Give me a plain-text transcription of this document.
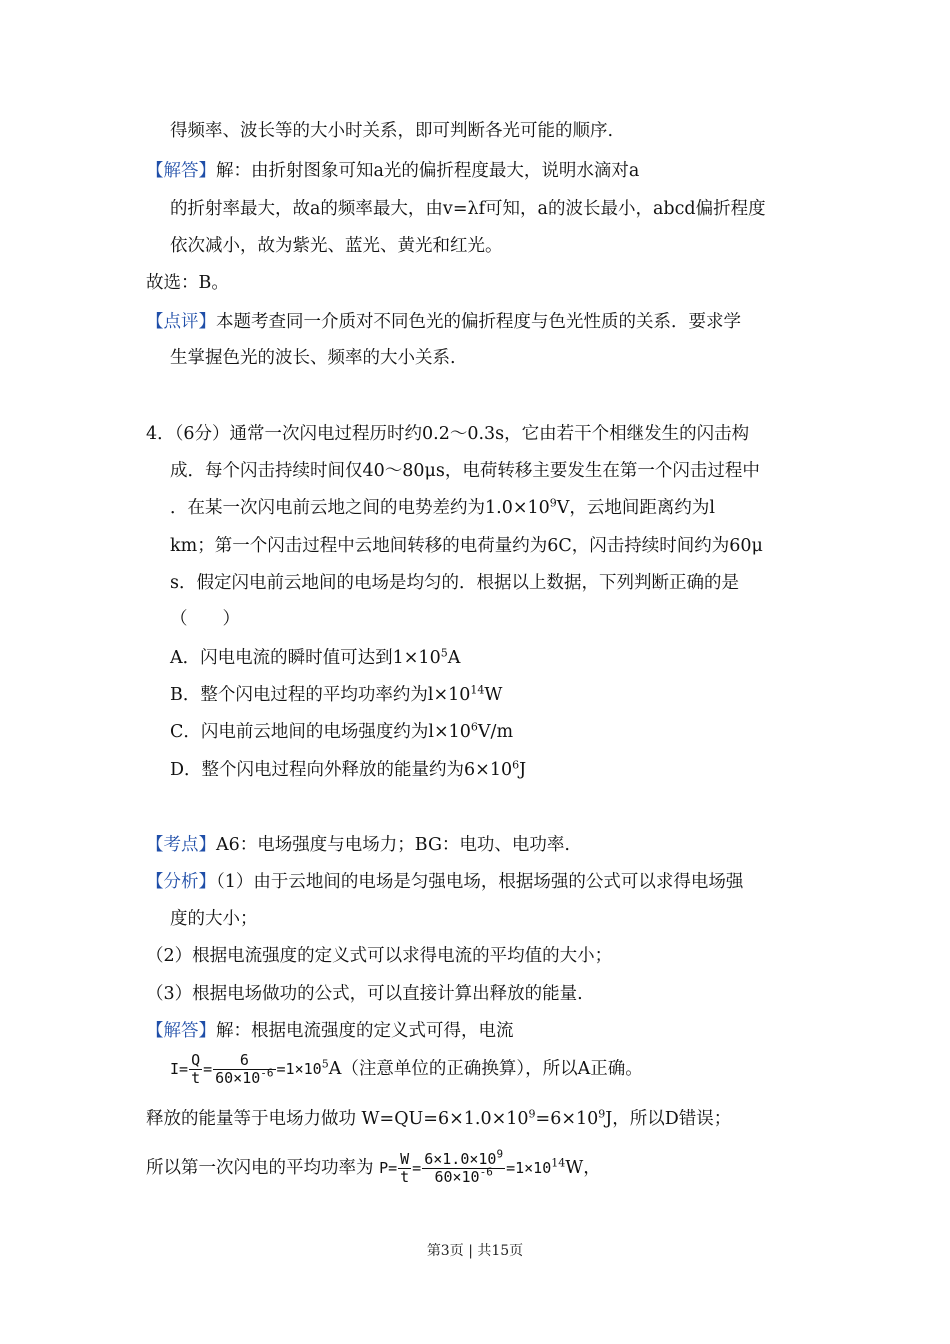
得频率、波长等的大小时关系，即可判断各光可能的顺序.
【解答】解：由折射图象可知a光的偏折程度最大，说明水滴对a
的折射率最大，故a的频率最大，由v=λf可知，a的波长最小，abcd偏折程度
依次减小，故为紫光、蓝光、黄光和红光。
故选：B。
【点评】本题考查同一介质对不同色光的偏折程度与色光性质的关系．要求学
生掌握色光的波长、频率的大小关系.
4．（6分）通常一次闪电过程历时约0.2～0.3s，它由若干个相继发生的闪击构
成．每个闪击持续时间仅40～80μs，电荷转移主要发生在第一个闪击过程中
．在某一次闪电前云地之间的电势差约为$1.0\times 10^9V$，云地间距离约为l
km；第一个闪击过程中云地间转移的电荷量约为6C，闪击持续时间约为60μ
s．假定闪电前云地间的电场是均匀的．根据以上数据，下列判断正确的是
（　　）
A．闪电电流的瞬时值可达到$1\times 10^5A$
B．整个闪电过程的平均功率约为$l\times 10^{14}W$
C．闪电前云地间的电场强度约为$l\times 10^6V/m$
D．整个闪电过程向外释放的能量约为$6\times 10^6J$
【考点】A6：电场强度与电场力；BG：电功、电功率.
【分析】（1）由于云地间的电场是匀强电场，根据场强的公式可以求得电场强
度的大小；
（2）根据电流强度的定义式可以求得电流的平均值的大小；
（3）根据电场做功的公式，可以直接计算出释放的能量.
【解答】解：根据电流强度的定义式可得，电流
$I= \frac{Q}{t} = \frac{6}{60\times 10^{-6}} =1\times 10^5A$（注意单位的正确换算），所以A正确。
释放的能量等于电场力做功 $W=QU=6\times 1.0\times 10^9=6\times 10^9J$，所以D错误；
所以第一次闪电的平均功率为 $P= \frac{W}{t} = \frac{6\times 1.0\times 10^9}{60\times 10^{-6}} =1\times 10^{14}W$，
第3页 | 共15页
